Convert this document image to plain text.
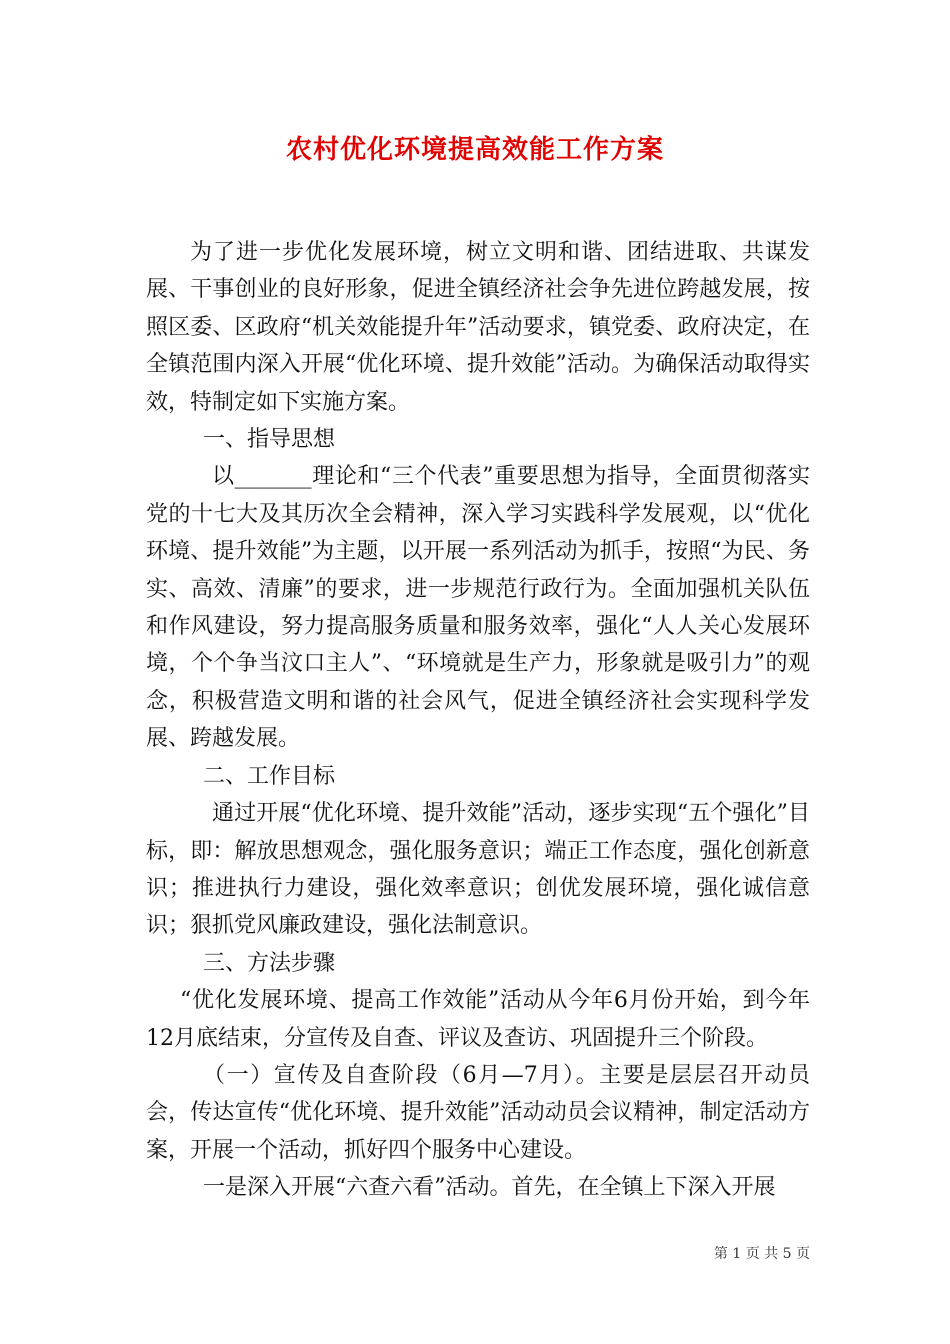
农村优化环境提高效能工作方案

为了进一步优化发展环境，树立文明和谐、团结进取、共谋发展、干事创业的良好形象，促进全镇经济社会争先进位跨越发展，按照区委、区政府“机关效能提升年”活动要求，镇党委、政府决定，在全镇范围内深入开展“优化环境、提升效能”活动。为确保活动取得实效，特制定如下实施方案。

一、指导思想

以_______理论和“三个代表”重要思想为指导，全面贯彻落实党的十七大及其历次全会精神，深入学习实践科学发展观，以“优化环境、提升效能”为主题，以开展一系列活动为抓手，按照“为民、务实、高效、清廉”的要求，进一步规范行政行为。全面加强机关队伍和作风建设，努力提高服务质量和服务效率，强化“人人关心发展环境，个个争当汶口主人”、“环境就是生产力，形象就是吸引力”的观念，积极营造文明和谐的社会风气，促进全镇经济社会实现科学发展、跨越发展。

二、工作目标

通过开展“优化环境、提升效能”活动，逐步实现“五个强化”目标，即：解放思想观念，强化服务意识；端正工作态度，强化创新意识；推进执行力建设，强化效率意识；创优发展环境，强化诚信意识；狠抓党风廉政建设，强化法制意识。

三、方法步骤

“优化发展环境、提高工作效能”活动从今年6月份开始，到今年12月底结束，分宣传及自查、评议及查访、巩固提升三个阶段。

（一）宣传及自查阶段（6月—7月）。主要是层层召开动员会，传达宣传“优化环境、提升效能”活动动员会议精神，制定活动方案，开展一个活动，抓好四个服务中心建设。

一是深入开展“六查六看”活动。首先，在全镇上下深入开展

第 1 页 共 5 页
